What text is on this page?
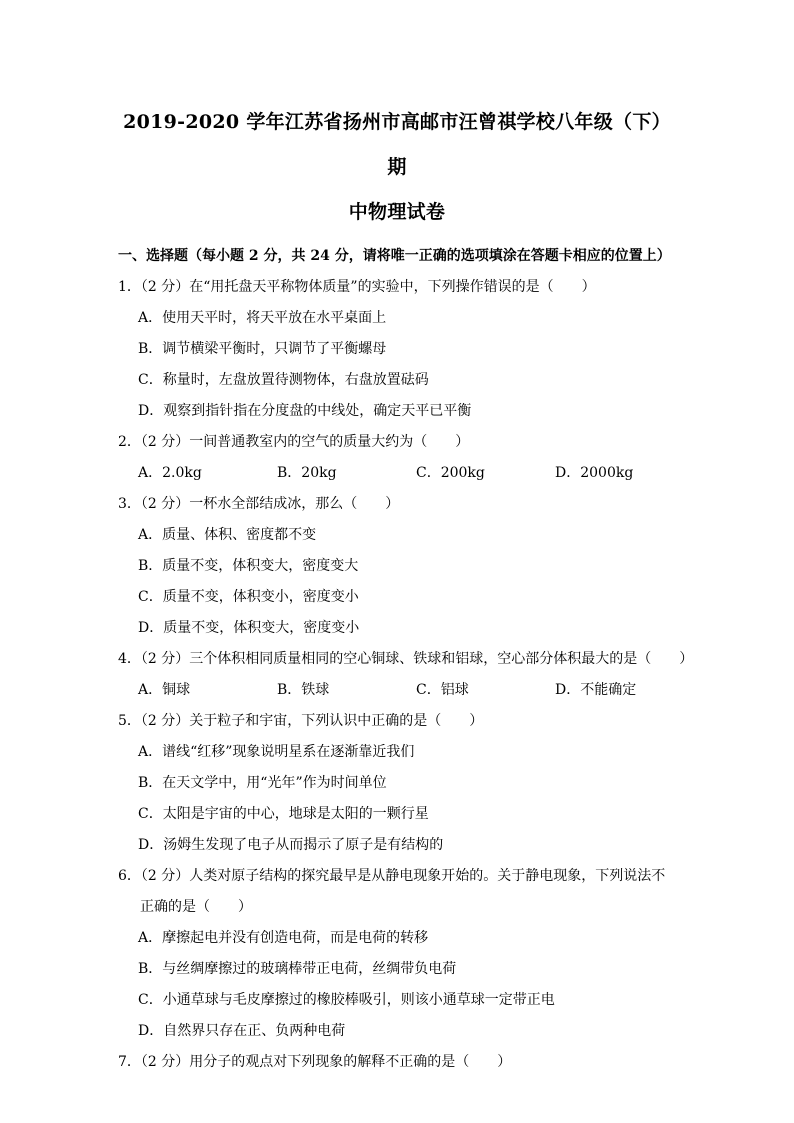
2019-2020 学年江苏省扬州市高邮市汪曾祺学校八年级（下）期
中物理试卷
一、选择题（每小题 2 分，共 24 分，请将唯一正确的选项填涂在答题卡相应的位置上）
1．（2 分）在“用托盘天平称物体质量”的实验中，下列操作错误的是（　　）
A．使用天平时，将天平放在水平桌面上
B．调节横梁平衡时，只调节了平衡螺母
C．称量时，左盘放置待测物体，右盘放置砝码
D．观察到指针指在分度盘的中线处，确定天平已平衡
2．（2 分）一间普通教室内的空气的质量大约为（　　）
A．2.0kg	B．20kg	C．200kg	D．2000kg
3．（2 分）一杯水全部结成冰，那么（　　）
A．质量、体积、密度都不变
B．质量不变，体积变大，密度变大
C．质量不变，体积变小，密度变小
D．质量不变，体积变大，密度变小
4．（2 分）三个体积相同质量相同的空心铜球、铁球和铝球，空心部分体积最大的是（　　）
A．铜球	B．铁球	C．铝球	D．不能确定
5．（2 分）关于粒子和宇宙，下列认识中正确的是（　　）
A．谱线“红移”现象说明星系在逐渐靠近我们
B．在天文学中，用“光年”作为时间单位
C．太阳是宇宙的中心，地球是太阳的一颗行星
D．汤姆生发现了电子从而揭示了原子是有结构的
6．（2 分）人类对原子结构的探究最早是从静电现象开始的。关于静电现象，下列说法不正确的是（　　）
A．摩擦起电并没有创造电荷，而是电荷的转移
B．与丝绸摩擦过的玻璃棒带正电荷，丝绸带负电荷
C．小通草球与毛皮摩擦过的橡胶棒吸引，则该小通草球一定带正电
D．自然界只存在正、负两种电荷
7．（2 分）用分子的观点对下列现象的解释不正确的是（　　）
